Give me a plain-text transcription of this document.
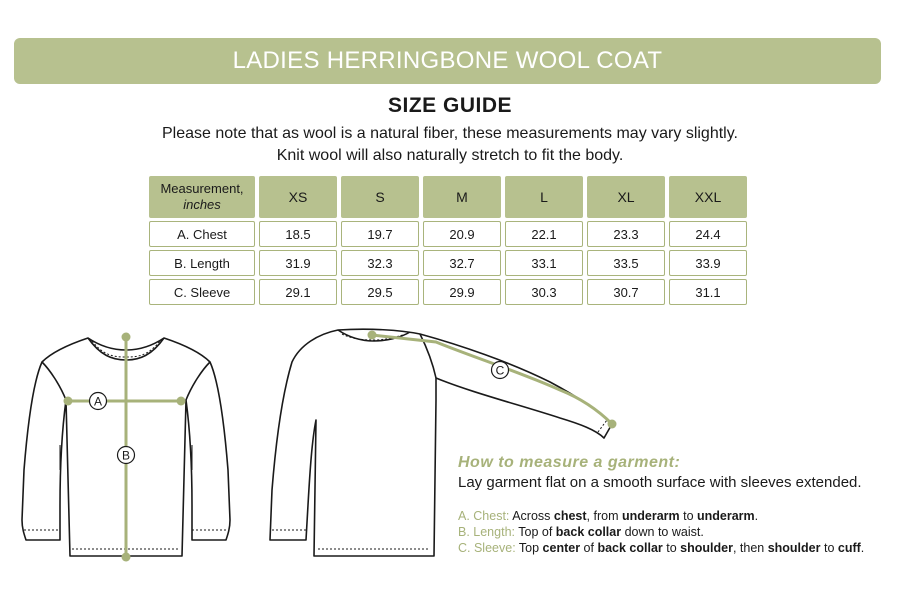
LADIES HERRINGBONE WOOL COAT
SIZE GUIDE
Please note that as wool is a natural fiber, these measurements may vary slightly.
Knit wool will also naturally stretch to fit the body.
Measurement,
inches	XS	S	M	L	XL	XXL
A. Chest	18.5	19.7	20.9	22.1	23.3	24.4
B. Length	31.9	32.3	32.7	33.1	33.5	33.9
C. Sleeve	29.1	29.5	29.9	30.3	30.7	31.1
A
B
C
How to measure a garment:
Lay garment flat on a smooth surface with sleeves extended.
A. Chest: Across chest, from underarm to underarm.
B. Length: Top of back collar down to waist.
C. Sleeve: Top center of back collar to shoulder, then shoulder to cuff.
